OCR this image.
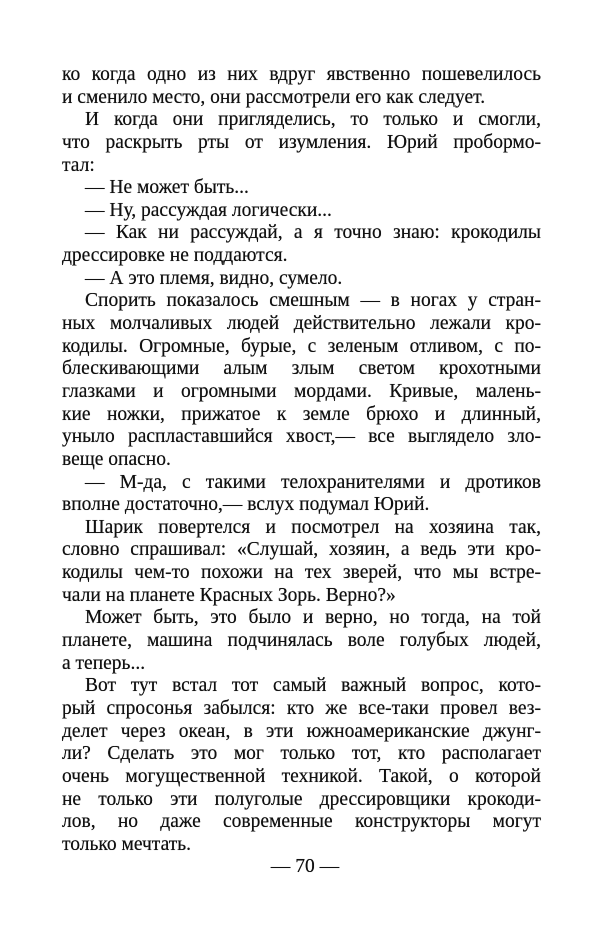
ко когда одно из них вдруг явственно пошевелилось
и сменило место, они рассмотрели его как следует.
И когда они пригляделись, то только и смогли,
что раскрыть рты от изумления. Юрий пробормо-
тал:
— Не может быть...
— Ну, рассуждая логически...
— Как ни рассуждай, а я точно знаю: крокодилы
дрессировке не поддаются.
— А это племя, видно, сумело.
Спорить показалось смешным — в ногах у стран-
ных молчаливых людей действительно лежали кро-
кодилы. Огромные, бурые, с зеленым отливом, с по-
блескивающими алым злым светом крохотными
глазками и огромными мордами. Кривые, малень-
кие ножки, прижатое к земле брюхо и длинный,
уныло распластавшийся хвост,— все выглядело зло-
веще опасно.
— М-да, с такими телохранителями и дротиков
вполне достаточно,— вслух подумал Юрий.
Шарик повертелся и посмотрел на хозяина так,
словно спрашивал: «Слушай, хозяин, а ведь эти кро-
кодилы чем-то похожи на тех зверей, что мы встре-
чали на планете Красных Зорь. Верно?»
Может быть, это было и верно, но тогда, на той
планете, машина подчинялась воле голубых людей,
а теперь...
Вот тут встал тот самый важный вопрос, кото-
рый спросонья забылся: кто же все-таки провел вез-
делет через океан, в эти южноамериканские джунг-
ли? Сделать это мог только тот, кто располагает
очень могущественной техникой. Такой, о которой
не только эти полуголые дрессировщики крокоди-
лов, но даже современные конструкторы могут
только мечтать.
— 70 —
